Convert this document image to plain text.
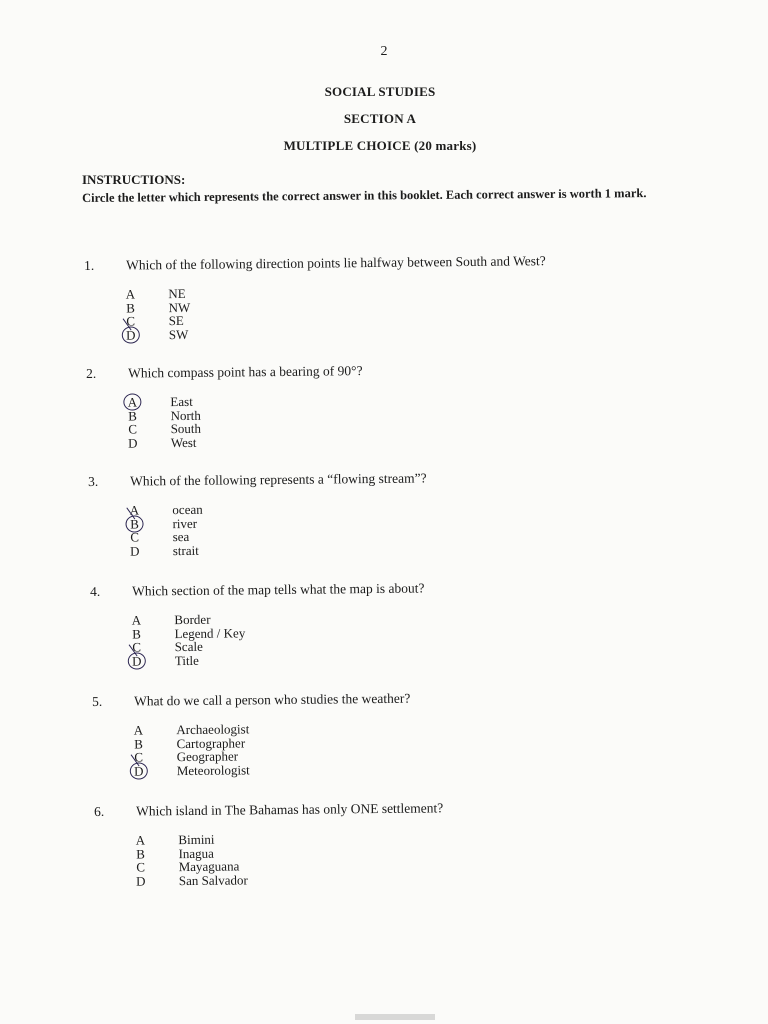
2
SOCIAL STUDIES
SECTION A
MULTIPLE CHOICE (20 marks)
INSTRUCTIONS:
Circle the letter which represents the correct answer in this booklet. Each correct answer is worth 1 mark.
1.	Which of the following direction points lie halfway between South and West?
A	NE
B	NW
C	SE
D	SW
2.	Which compass point has a bearing of 90°?
A	East
B	North
C	South
D	West
3.	Which of the following represents a “flowing stream”?
A	ocean
B	river
C	sea
D	strait
4.	Which section of the map tells what the map is about?
A	Border
B	Legend / Key
C	Scale
D	Title
5.	What do we call a person who studies the weather?
A	Archaeologist
B	Cartographer
C	Geographer
D	Meteorologist
6.	Which island in The Bahamas has only ONE settlement?
A	Bimini
B	Inagua
C	Mayaguana
D	San Salvador
